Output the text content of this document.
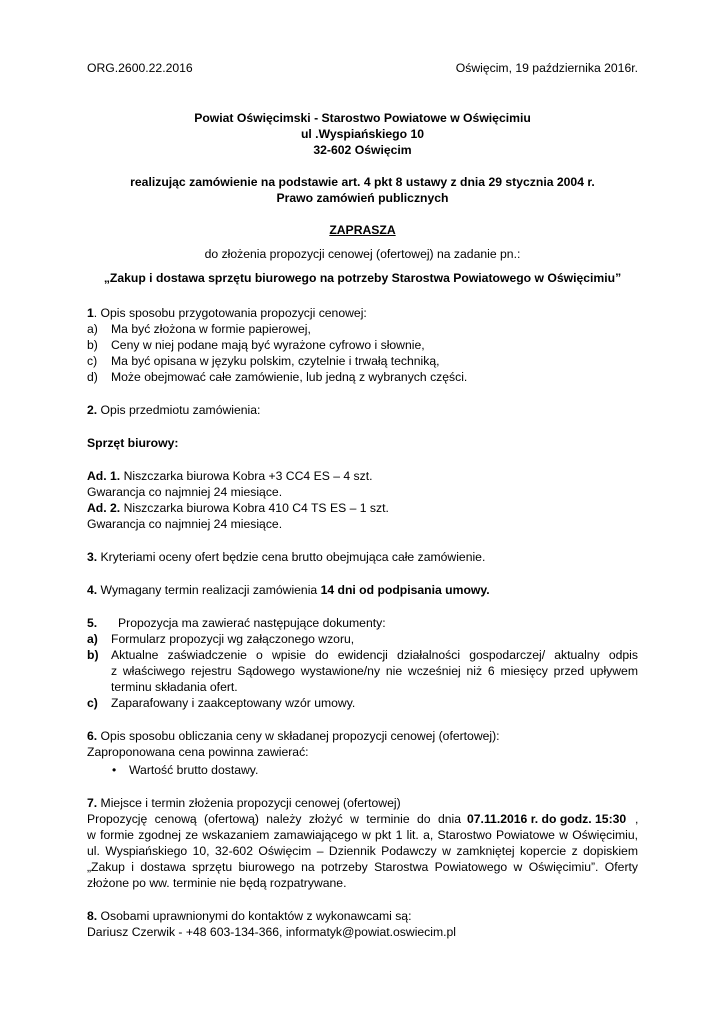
ORG.2600.22.2016	Oświęcim, 19 października 2016r.
Powiat Oświęcimski - Starostwo Powiatowe w Oświęcimiu
ul .Wyspiańskiego 10
32-602 Oświęcim
realizując zamówienie na podstawie art. 4 pkt 8 ustawy z dnia 29 stycznia 2004 r.
Prawo zamówień publicznych
ZAPRASZA
do złożenia propozycji cenowej (ofertowej) na zadanie pn.:
„Zakup i dostawa sprzętu biurowego na potrzeby Starostwa Powiatowego w Oświęcimiu”
1. Opis sposobu przygotowania propozycji cenowej:
a) Ma być złożona w formie papierowej,
b) Ceny w niej podane mają być wyrażone cyfrowo i słownie,
c) Ma być opisana w języku polskim, czytelnie i trwałą techniką,
d) Może obejmować całe zamówienie, lub jedną z wybranych części.
2. Opis przedmiotu zamówienia:
Sprzęt biurowy:
Ad. 1. Niszczarka biurowa Kobra +3 CC4 ES – 4 szt.
Gwarancja co najmniej 24 miesiące.
Ad. 2. Niszczarka biurowa Kobra 410 C4 TS ES – 1 szt.
Gwarancja co najmniej 24 miesiące.
3. Kryteriami oceny ofert będzie cena brutto obejmująca całe zamówienie.
4. Wymagany termin realizacji zamówienia 14 dni od podpisania umowy.
5. Propozycja ma zawierać następujące dokumenty:
a) Formularz propozycji wg załączonego wzoru,
b) Aktualne zaświadczenie o wpisie do ewidencji działalności gospodarczej/ aktualny odpis
z właściwego rejestru Sądowego wystawione/ny nie wcześniej niż 6 miesięcy przed upływem
terminu składania ofert.
c) Zaparafowany i zaakceptowany wzór umowy.
6. Opis sposobu obliczania ceny w składanej propozycji cenowej (ofertowej):
Zaproponowana cena powinna zawierać:
• Wartość brutto dostawy.
7. Miejsce i termin złożenia propozycji cenowej (ofertowej)
Propozycję cenową (ofertową) należy złożyć w terminie do dnia 07.11.2016 r. do godz. 15:30 ,
w formie zgodnej ze wskazaniem zamawiającego w pkt 1 lit. a, Starostwo Powiatowe w Oświęcimiu,
ul. Wyspiańskiego 10, 32-602 Oświęcim – Dziennik Podawczy w zamkniętej kopercie z dopiskiem
„Zakup i dostawa sprzętu biurowego na potrzeby Starostwa Powiatowego w Oświęcimiu”. Oferty
złożone po ww. terminie nie będą rozpatrywane.
8. Osobami uprawnionymi do kontaktów z wykonawcami są:
Dariusz Czerwik - +48 603-134-366, informatyk@powiat.oswiecim.pl
